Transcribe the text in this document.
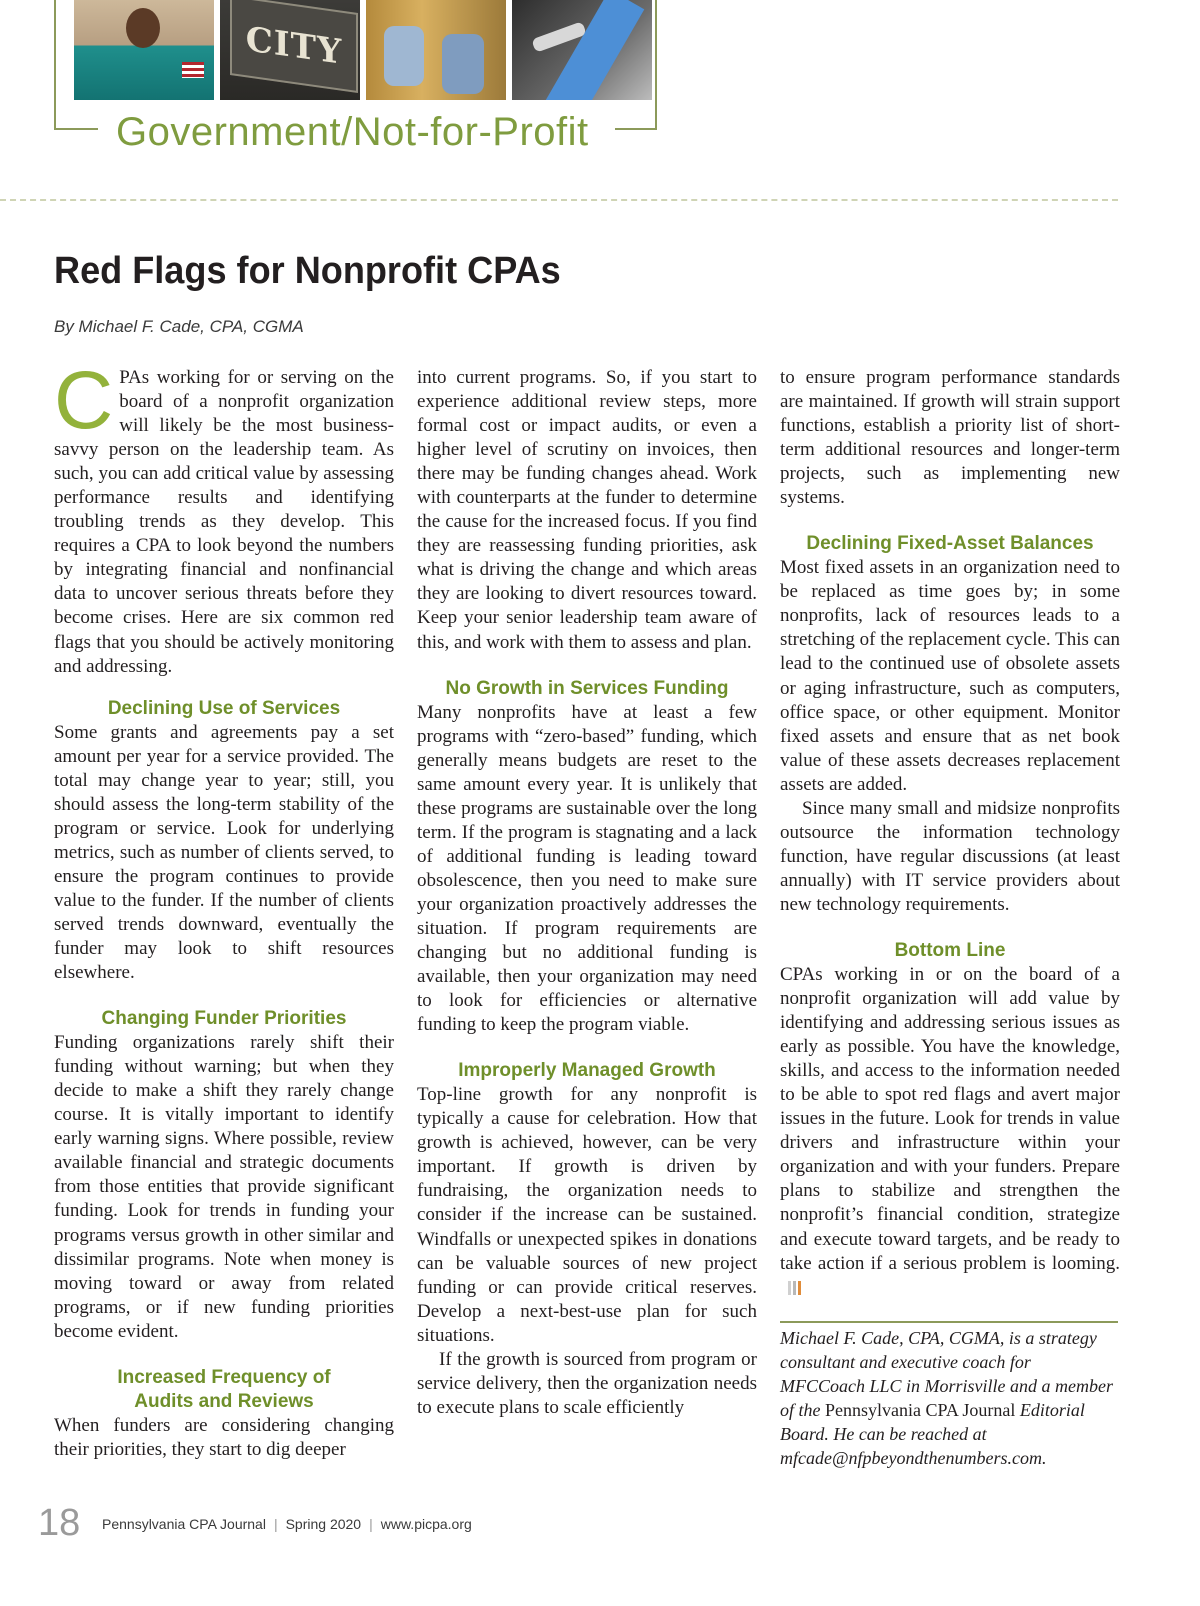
CITY
Government/Not-for-Profit
Red Flags for Nonprofit CPAs
By Michael F. Cade, CPA, CGMA

C PAs working for or serving on the board of a nonprofit organization will likely be the most business-savvy person on the leadership team. As such, you can add critical value by assessing performance results and identifying troubling trends as they develop. This requires a CPA to look beyond the numbers by integrating financial and nonfinancial data to uncover serious threats before they become crises. Here are six common red flags that you should be actively monitoring and addressing.

Declining Use of Services

Some grants and agreements pay a set amount per year for a service provided. The total may change year to year; still, you should assess the long-term stability of the program or service. Look for underlying metrics, such as number of clients served, to ensure the program continues to provide value to the funder. If the number of clients served trends downward, eventually the funder may look to shift resources elsewhere.

Changing Funder Priorities

Funding organizations rarely shift their funding without warning; but when they decide to make a shift they rarely change course. It is vitally important to identify early warning signs. Where possible, review available financial and strategic documents from those entities that provide significant funding. Look for trends in funding your programs versus growth in other similar and dissimilar programs. Note when money is moving toward or away from related programs, or if new funding priorities become evident.

Increased Frequency of
Audits and Reviews

When funders are considering changing their priorities, they start to dig deeper

into current programs. So, if you start to experience additional review steps, more formal cost or impact audits, or even a higher level of scrutiny on invoices, then there may be funding changes ahead. Work with counterparts at the funder to determine the cause for the increased focus. If you find they are reassessing funding priorities, ask what is driving the change and which areas they are looking to divert resources toward. Keep your senior leadership team aware of this, and work with them to assess and plan.

No Growth in Services Funding

Many nonprofits have at least a few programs with “zero-based” funding, which generally means budgets are reset to the same amount every year. It is unlikely that these programs are sustainable over the long term. If the program is stagnating and a lack of additional funding is leading toward obsolescence, then you need to make sure your organization proactively addresses the situation. If program requirements are changing but no additional funding is available, then your organization may need to look for efficiencies or alternative funding to keep the program viable.

Improperly Managed Growth

Top-line growth for any nonprofit is typically a cause for celebration. How that growth is achieved, however, can be very important. If growth is driven by fundraising, the organization needs to consider if the increase can be sustained. Windfalls or unexpected spikes in donations can be valuable sources of new project funding or can provide critical reserves. Develop a next-best-use plan for such situations.

If the growth is sourced from program or service delivery, then the organization needs to execute plans to scale efficiently

to ensure program performance standards are maintained. If growth will strain support functions, establish a priority list of short-term additional resources and longer-term projects, such as implementing new systems.

Declining Fixed-Asset Balances

Most fixed assets in an organization need to be replaced as time goes by; in some nonprofits, lack of resources leads to a stretching of the replacement cycle. This can lead to the continued use of obsolete assets or aging infrastructure, such as computers, office space, or other equipment. Monitor fixed assets and ensure that as net book value of these assets decreases replacement assets are added.

Since many small and midsize nonprofits outsource the information technology function, have regular discussions (at least annually) with IT service providers about new technology requirements.

Bottom Line

CPAs working in or on the board of a nonprofit organization will add value by identifying and addressing serious issues as early as possible. You have the knowledge, skills, and access to the information needed to be able to spot red flags and avert major issues in the future. Look for trends in value drivers and infrastructure within your organization and with your funders. Prepare plans to stabilize and strengthen the nonprofit’s financial condition, strategize and execute toward targets, and be ready to take action if a serious problem is looming.

Michael F. Cade, CPA, CGMA, is a strategy consultant and executive coach for MFCCoach LLC in Morrisville and a member of the Pennsylvania CPA Journal Editorial Board. He can be reached at mfcade@nfpbeyondthenumbers.com.

18 Pennsylvania CPA Journal | Spring 2020 | www.picpa.org
